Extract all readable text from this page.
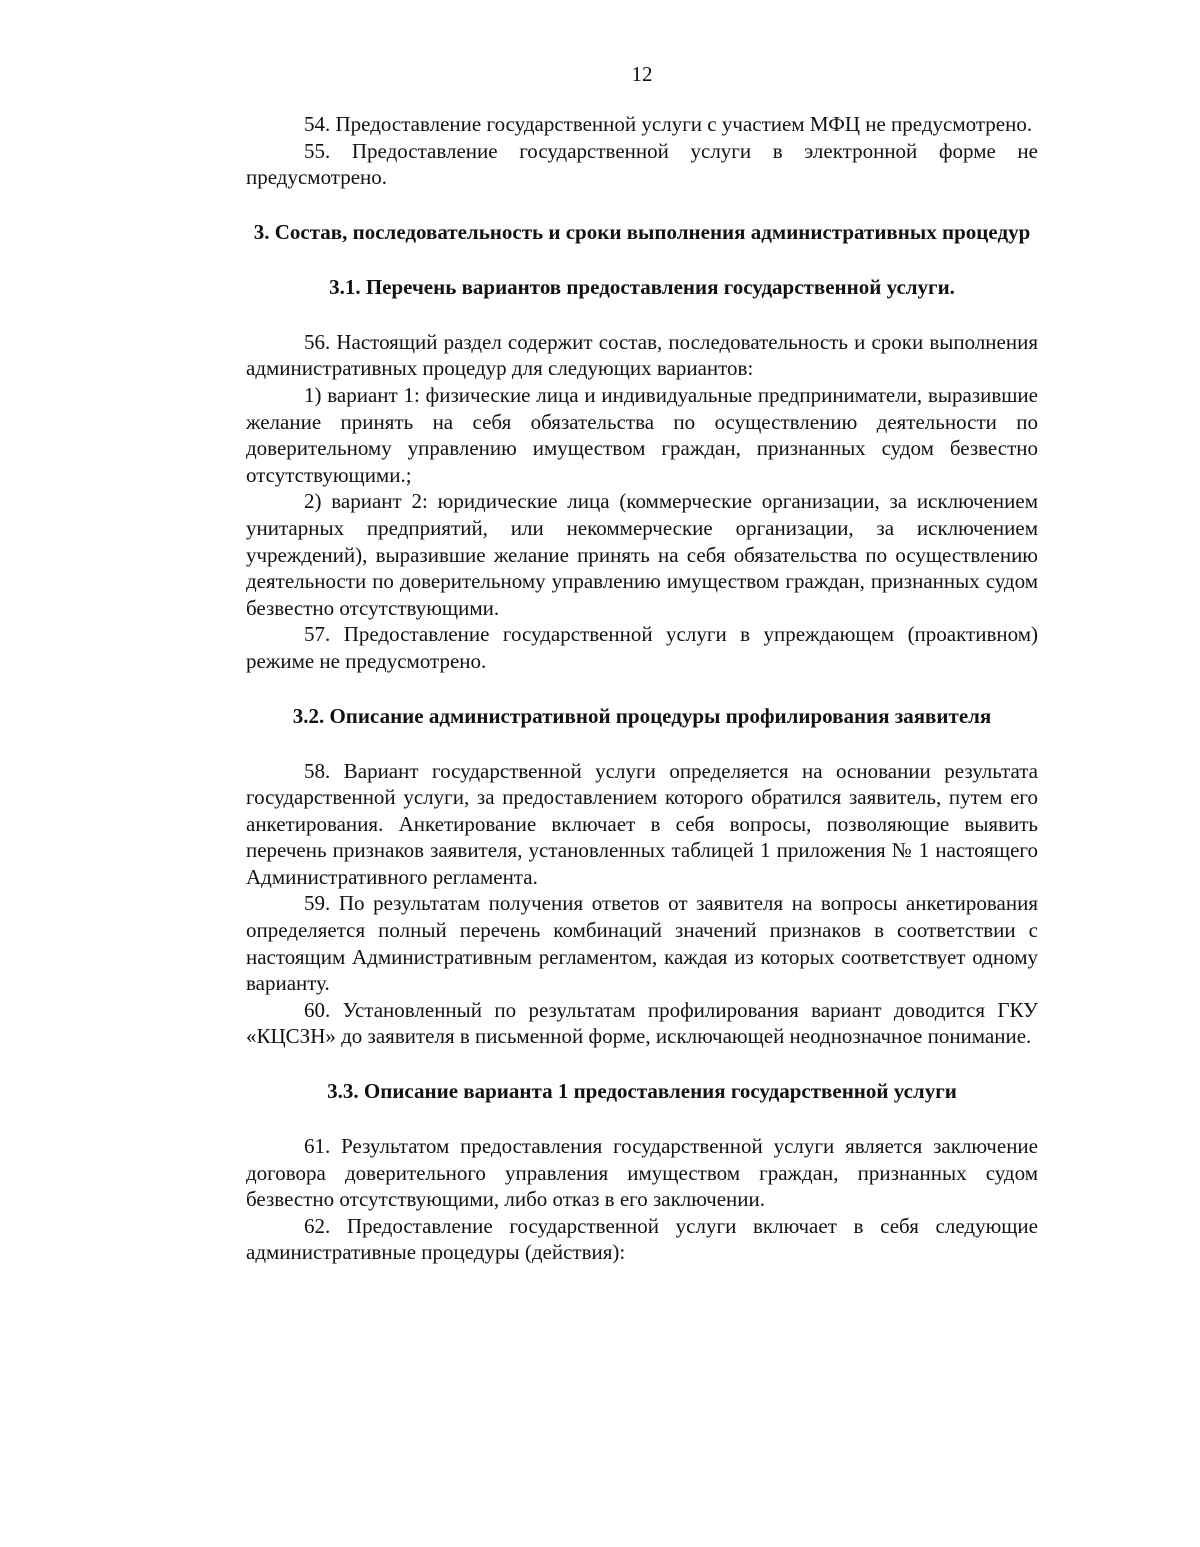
12

54. Предоставление государственной услуги с участием МФЦ не предусмотрено.

55. Предоставление государственной услуги в электронной форме не предусмотрено.

3. Состав, последовательность и сроки выполнения административных процедур
3.1. Перечень вариантов предоставления государственной услуги.

56. Настоящий раздел содержит состав, последовательность и сроки выполнения административных процедур для следующих вариантов:

1) вариант 1: физические лица и индивидуальные предприниматели, выразившие желание принять на себя обязательства по осуществлению деятельности по доверительному управлению имуществом граждан, признанных судом безвестно отсутствующими.;

2) вариант 2: юридические лица (коммерческие организации, за исключением унитарных предприятий, или некоммерческие организации, за исключением учреждений), выразившие желание принять на себя обязательства по осуществлению деятельности по доверительному управлению имуществом граждан, признанных судом безвестно отсутствующими.

57. Предоставление государственной услуги в упреждающем (проактивном) режиме не предусмотрено.

3.2. Описание административной процедуры профилирования заявителя

58. Вариант государственной услуги определяется на основании результата государственной услуги, за предоставлением которого обратился заявитель, путем его анкетирования. Анкетирование включает в себя вопросы, позволяющие выявить перечень признаков заявителя, установленных таблицей 1 приложения № 1 настоящего Административного регламента.

59. По результатам получения ответов от заявителя на вопросы анкетирования определяется полный перечень комбинаций значений признаков в соответствии с настоящим Административным регламентом, каждая из которых соответствует одному варианту.

60. Установленный по результатам профилирования вариант доводится ГКУ «КЦСЗН» до заявителя в письменной форме, исключающей неоднозначное понимание.

3.3. Описание варианта 1 предоставления государственной услуги

61. Результатом предоставления государственной услуги является заключение договора доверительного управления имуществом граждан, признанных судом безвестно отсутствующими, либо отказ в его заключении.

62. Предоставление государственной услуги включает в себя следующие административные процедуры (действия):
